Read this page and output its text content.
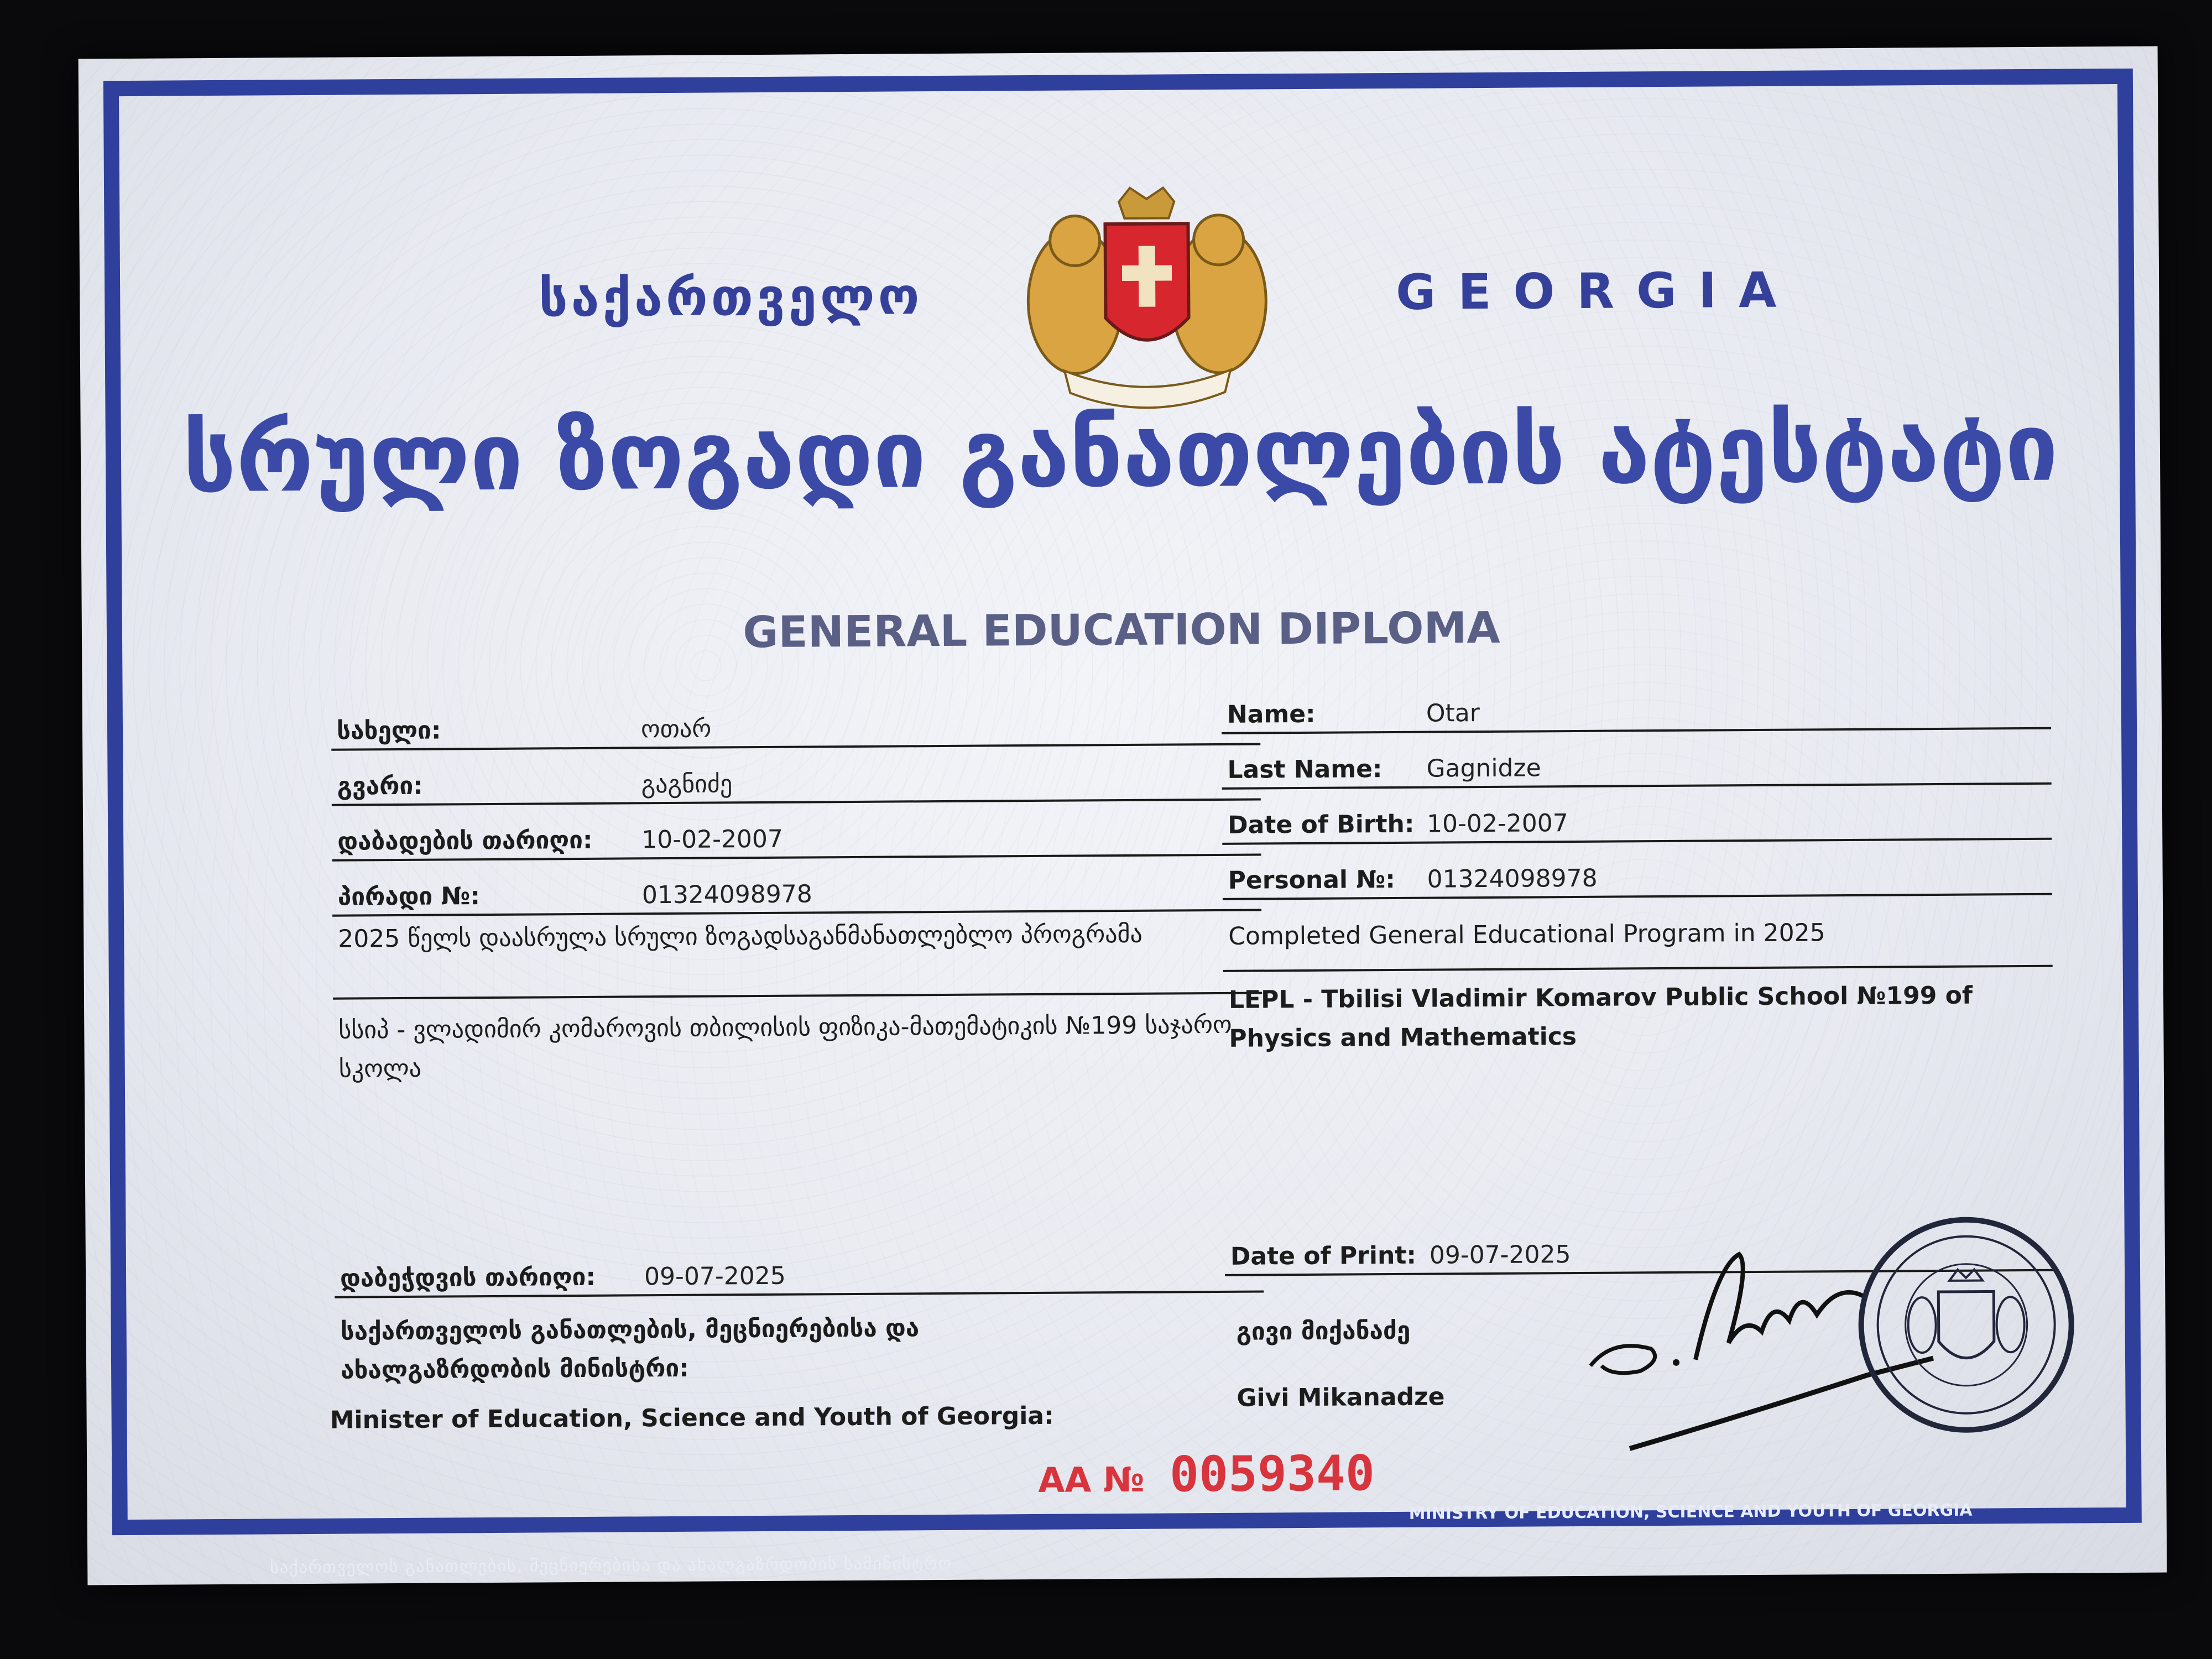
საქართველო	GEORGIA
სრული ზოგადი განათლების ატესტატი
GENERAL EDUCATION DIPLOMA
სახელი:	ოთარ
გვარი:	გაგნიძე
დაბადების თარიღი: 10-02-2007
პირადი №:	01324098978
Name:	Otar
Last Name: Gagnidze
Date of Birth: 10-02-2007
Personal №: 01324098978
2025 წელს დაასრულა სრული ზოგადსაგანმანათლებლო პროგრამა
სსიპ - ვლადიმირ კომაროვის თბილისის ფიზიკა-მათემატიკის №199 საჯარო სკოლა
Completed General Educational Program in 2025
LEPL - Tbilisi Vladimir Komarov Public School №199 of Physics and Mathematics
დაბეჭდვის თარიღი: 09-07-2025
Date of Print: 09-07-2025
საქართველოს განათლების, მეცნიერებისა და ახალგაზრდობის მინისტრი:
Minister of Education, Science and Youth of Georgia:
გივი მიქანაძე
Givi Mikanadze
AA № 0059340
საქართველოს განათლების, მეცნიერებისა და ახალგაზრდობის სამინისტრო
MINISTRY OF EDUCATION, SCIENCE AND YOUTH OF GEORGIA
